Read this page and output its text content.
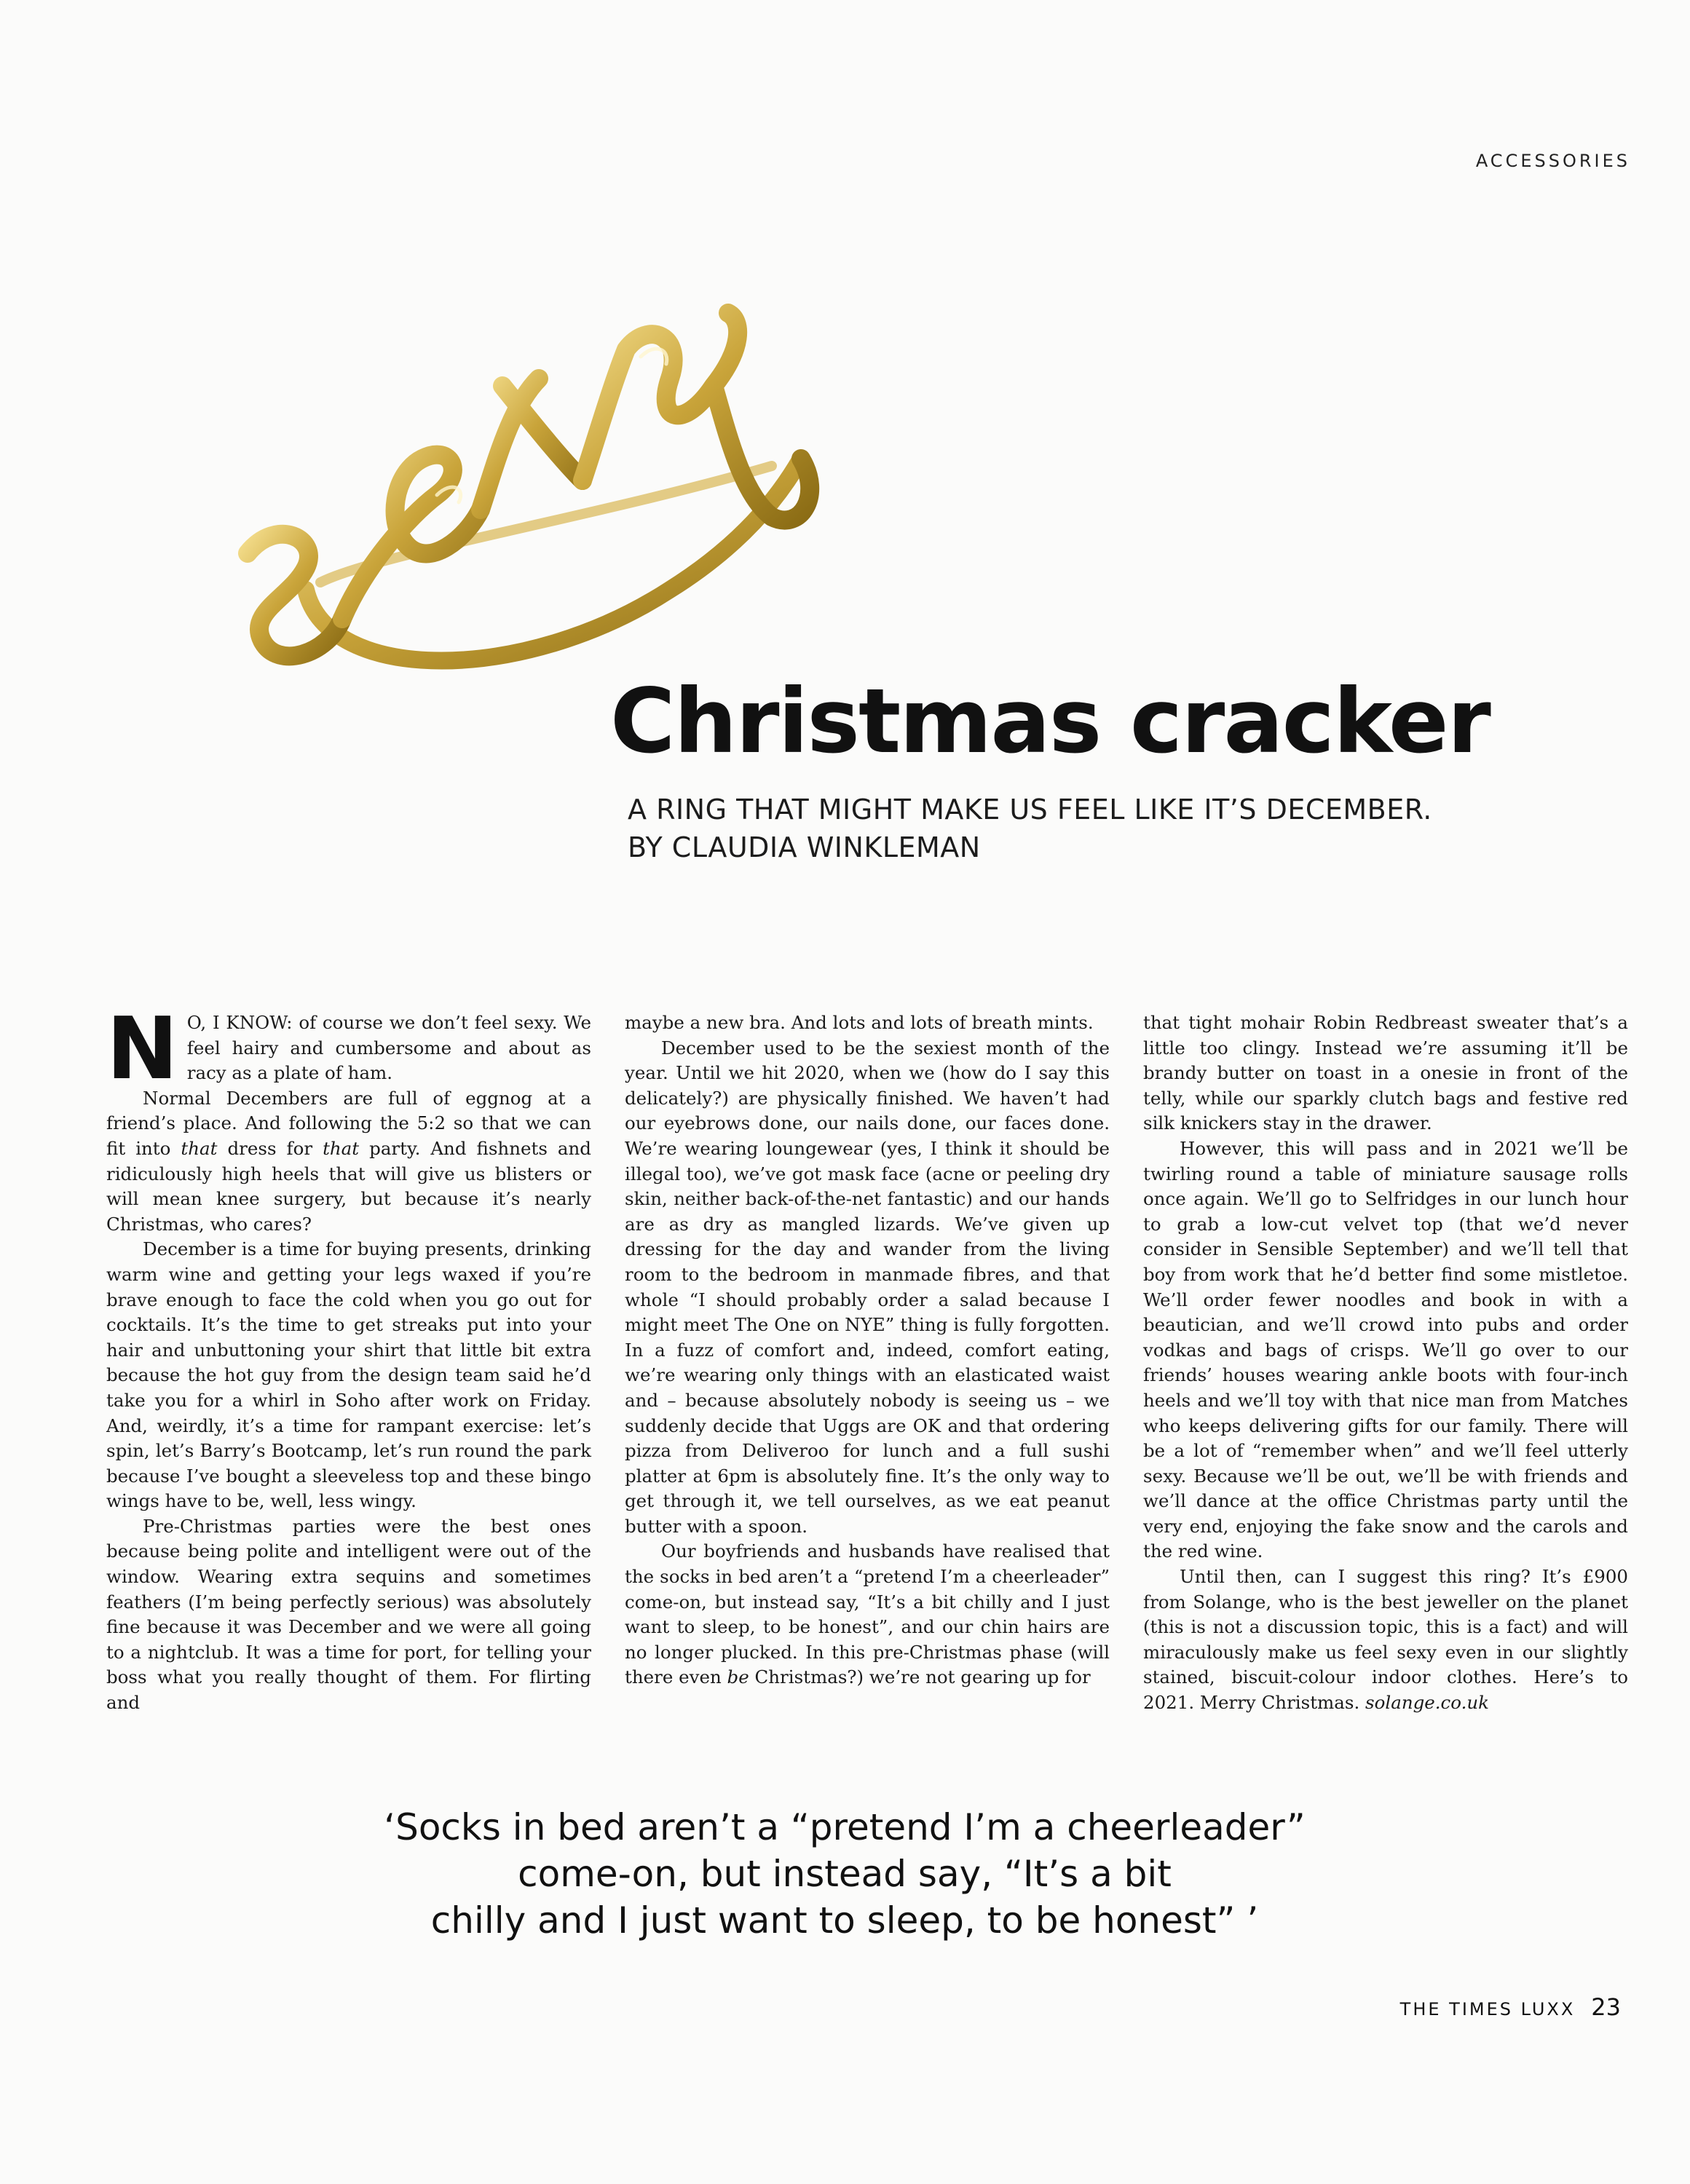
ACCESSORIES
Christmas cracker
A RING THAT MIGHT MAKE US FEEL LIKE IT’S DECEMBER.
BY CLAUDIA WINKLEMAN

N O, I KNOW: of course we don’t feel sexy. We feel hairy and cumbersome and about as racy as a plate of ham.

Normal Decembers are full of eggnog at a friend’s place. And following the 5:2 so that we can fit into that dress for that party. And fishnets and ridiculously high heels that will give us blisters or will mean knee surgery, but because it’s nearly Christmas, who cares?

December is a time for buying presents, drinking warm wine and getting your legs waxed if you’re brave enough to face the cold when you go out for cocktails. It’s the time to get streaks put into your hair and unbuttoning your shirt that little bit extra because the hot guy from the design team said he’d take you for a whirl in Soho after work on Friday. And, weirdly, it’s a time for rampant exercise: let’s spin, let’s Barry’s Bootcamp, let’s run round the park because I’ve bought a sleeveless top and these bingo wings have to be, well, less wingy.

Pre-Christmas parties were the best ones because being polite and intelligent were out of the window. Wearing extra sequins and sometimes feathers (I’m being perfectly serious) was absolutely fine because it was December and we were all going to a nightclub. It was a time for port, for telling your boss what you really thought of them. For flirting and

maybe a new bra. And lots and lots of breath mints.

December used to be the sexiest month of the year. Until we hit 2020, when we (how do I say this delicately?) are physically finished. We haven’t had our eyebrows done, our nails done, our faces done. We’re wearing loungewear (yes, I think it should be illegal too), we’ve got mask face (acne or peeling dry skin, neither back-of-the-net fantastic) and our hands are as dry as mangled lizards. We’ve given up dressing for the day and wander from the living room to the bedroom in manmade fibres, and that whole “I should probably order a salad because I might meet The One on NYE” thing is fully forgotten. In a fuzz of comfort and, indeed, comfort eating, we’re wearing only things with an elasticated waist and – because absolutely nobody is seeing us – we suddenly decide that Uggs are OK and that ordering pizza from Deliveroo for lunch and a full sushi platter at 6pm is absolutely fine. It’s the only way to get through it, we tell ourselves, as we eat peanut butter with a spoon.

Our boyfriends and husbands have realised that the socks in bed aren’t a “pretend I’m a cheerleader” come-on, but instead say, “It’s a bit chilly and I just want to sleep, to be honest”, and our chin hairs are no longer plucked. In this pre-Christmas phase (will there even be Christmas?) we’re not gearing up for

that tight mohair Robin Redbreast sweater that’s a little too clingy. Instead we’re assuming it’ll be brandy butter on toast in a onesie in front of the telly, while our sparkly clutch bags and festive red silk knickers stay in the drawer.

However, this will pass and in 2021 we’ll be twirling round a table of miniature sausage rolls once again. We’ll go to Selfridges in our lunch hour to grab a low-cut velvet top (that we’d never consider in Sensible September) and we’ll tell that boy from work that he’d better find some mistletoe. We’ll order fewer noodles and book in with a beautician, and we’ll crowd into pubs and order vodkas and bags of crisps. We’ll go over to our friends’ houses wearing ankle boots with four-inch heels and we’ll toy with that nice man from Matches who keeps delivering gifts for our family. There will be a lot of “remember when” and we’ll feel utterly sexy. Because we’ll be out, we’ll be with friends and we’ll dance at the office Christmas party until the very end, enjoying the fake snow and the carols and the red wine.

Until then, can I suggest this ring? It’s £900 from Solange, who is the best jeweller on the planet (this is not a discussion topic, this is a fact) and will miraculously make us feel sexy even in our slightly stained, biscuit-colour indoor clothes. Here’s to 2021. Merry Christmas. solange.co.uk

‘Socks in bed aren’t a “pretend I’m a cheerleader”
come-on, but instead say, “It’s a bit
chilly and I just want to sleep, to be honest” ’
THE TIMES LUXX 23
